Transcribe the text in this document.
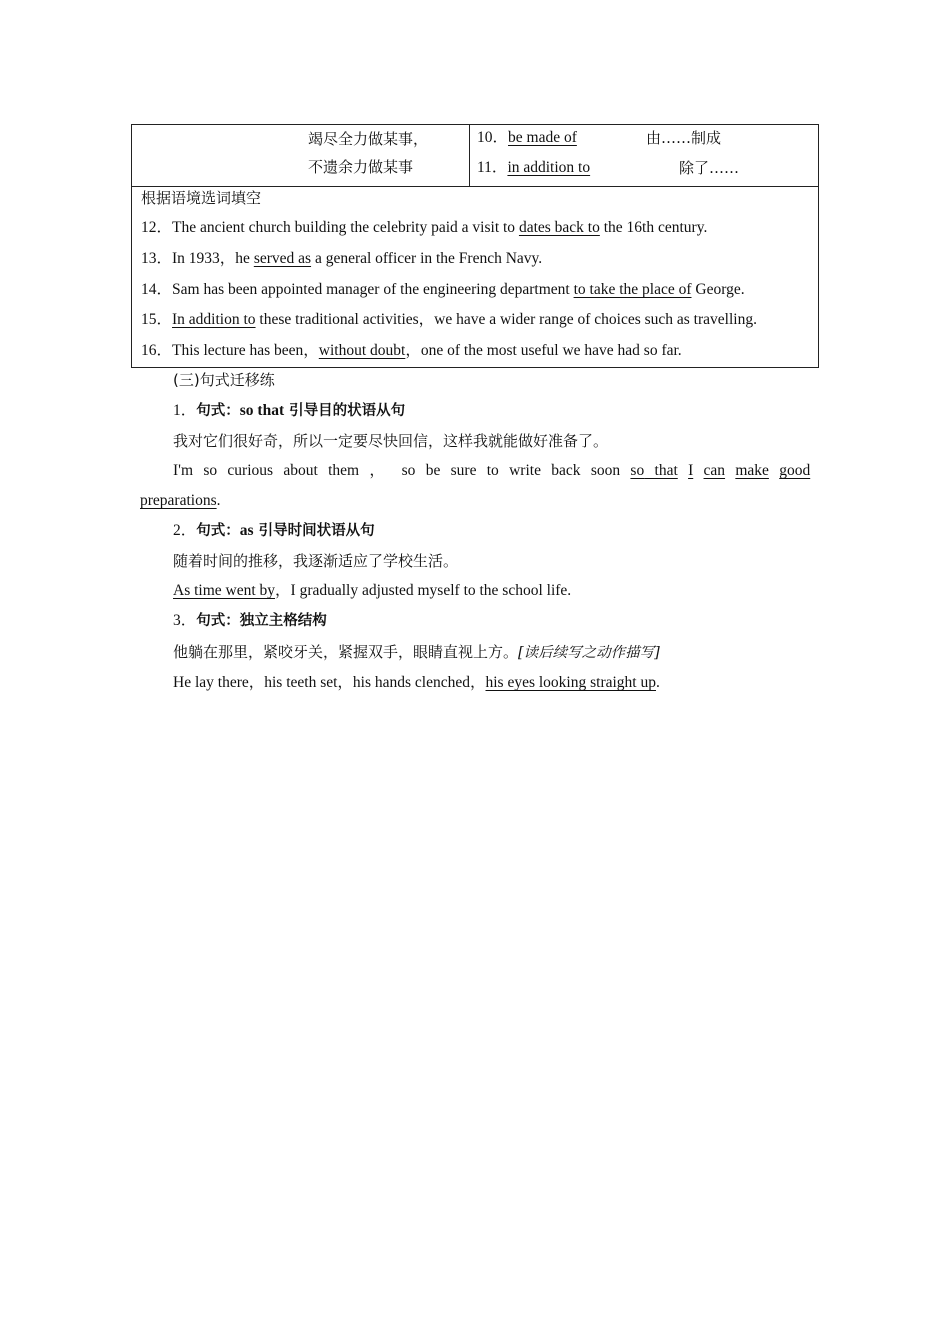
竭尽全力做某事，
不遗余力做某事
10．be made of	由……制成
11．in addition to	除了……
根据语境选词填空
12．The ancient church building the celebrity paid a visit to dates back to the 16th century.
13．In 1933，he served as a general officer in the French Navy.
14．Sam has been appointed manager of the engineering department to take the place of George.
15．In addition to these traditional activities，we have a wider range of choices such as travelling.
16．This lecture has been，without doubt，one of the most useful we have had so far.
(三)句式迁移练
1．句式：so that 引导目的状语从句
我对它们很好奇，所以一定要尽快回信，这样我就能做好准备了。
I'm so curious about them ， so be sure to write back soon so that I can make good
preparations.
2．句式：as 引导时间状语从句
随着时间的推移，我逐渐适应了学校生活。
As time went by，I gradually adjusted myself to the school life.
3．句式：独立主格结构
他躺在那里，紧咬牙关，紧握双手，眼睛直视上方。[读后续写之动作描写]
He lay there，his teeth set，his hands clenched，his eyes looking straight up.
